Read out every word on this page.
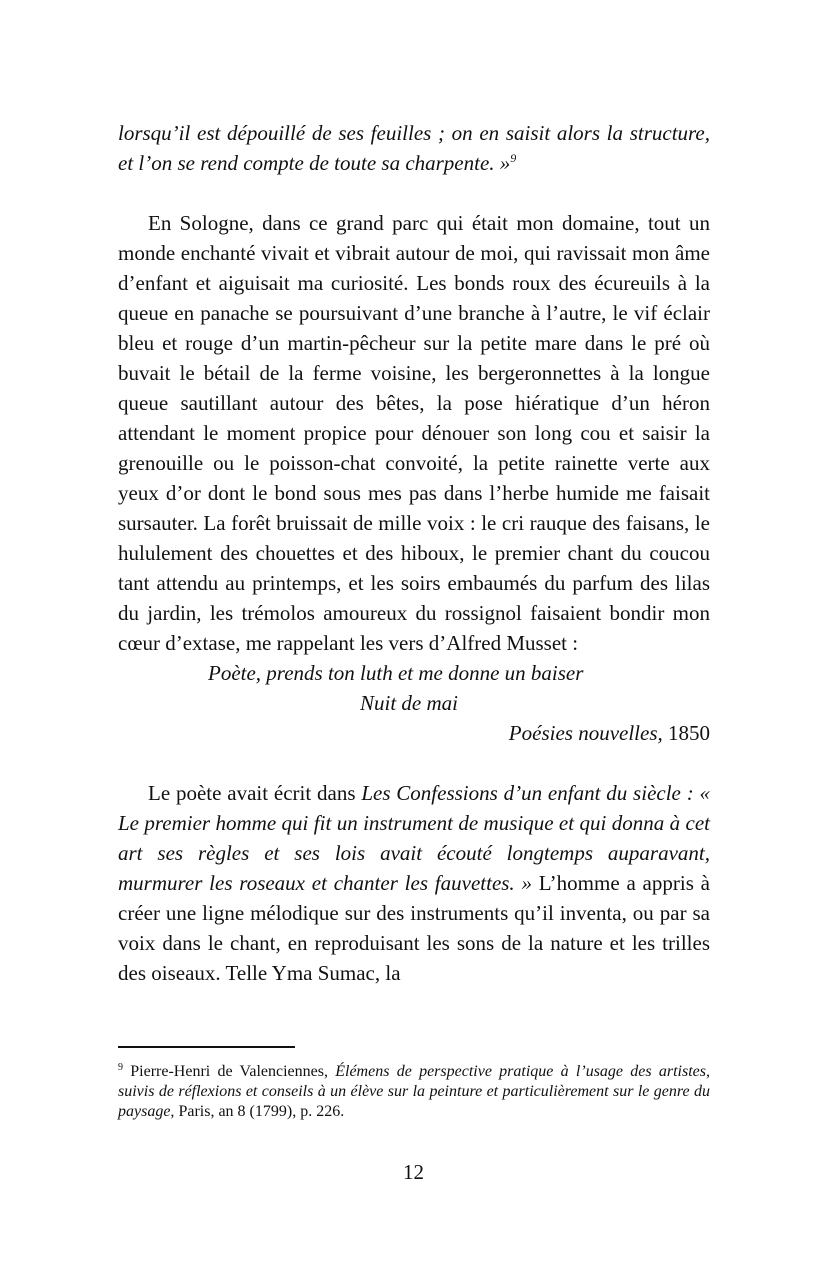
lorsqu’il est dépouillé de ses feuilles ; on en saisit alors la structure, et l’on se rend compte de toute sa charpente. »$^9$

En Sologne, dans ce grand parc qui était mon domaine, tout un monde enchanté vivait et vibrait autour de moi, qui ravissait mon âme d’enfant et aiguisait ma curiosité. Les bonds roux des écureuils à la queue en panache se poursuivant d’une branche à l’autre, le vif éclair bleu et rouge d’un martin-pêcheur sur la petite mare dans le pré où buvait le bétail de la ferme voisine, les bergeronnettes à la longue queue sautillant autour des bêtes, la pose hiératique d’un héron attendant le moment propice pour dénouer son long cou et saisir la grenouille ou le poisson-chat convoité, la petite rainette verte aux yeux d’or dont le bond sous mes pas dans l’herbe humide me faisait sursauter. La forêt bruissait de mille voix : le cri rauque des faisans, le hululement des chouettes et des hiboux, le premier chant du coucou tant attendu au printemps, et les soirs embaumés du parfum des lilas du jardin, les trémolos amoureux du rossignol faisaient bondir mon cœur d’extase, me rappelant les vers d’Alfred Musset :

Poète, prends ton luth et me donne un baiser

Nuit de mai

Poésies nouvelles, 1850

Le poète avait écrit dans Les Confessions d’un enfant du siècle : « Le premier homme qui fit un instrument de musique et qui donna à cet art ses règles et ses lois avait écouté longtemps auparavant, murmurer les roseaux et chanter les fauvettes. » L’homme a appris à créer une ligne mélodique sur des instruments qu’il inventa, ou par sa voix dans le chant, en reproduisant les sons de la nature et les trilles des oiseaux. Telle Yma Sumac, la

$^9$ Pierre-Henri de Valenciennes, Élémens de perspective pratique à l’usage des artistes, suivis de réflexions et conseils à un élève sur la peinture et particulièrement sur le genre du paysage, Paris, an 8 (1799), p. 226.

12
